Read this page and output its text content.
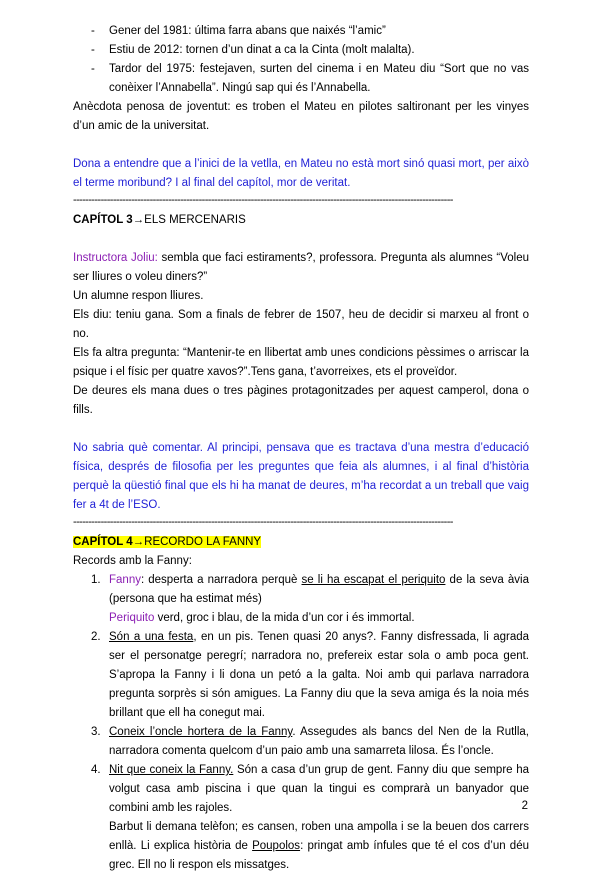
- Gener del 1981: última farra abans que naixés “l’amic”
- Estiu de 2012: tornen d’un dinat a ca la Cinta (molt malalta).
- Tardor del 1975: festejaven, surten del cinema i en Mateu diu “Sort que no vas conèixer l’Annabella”. Ningú sap qui és l’Annabella.

Anècdota penosa de joventut: es troben el Mateu en pilotes saltironant per les vinyes d’un amic de la universitat.

Dona a entendre que a l’inici de la vetlla, en Mateu no està mort sinó quasi mort, per això el terme moribund? I al final del capítol, mor de veritat.

----------------------------------------------------------------------------------------------------------------------------

CAPÍTOL 3→ELS MERCENARIS

Instructora Joliu: sembla que faci estiraments?, professora. Pregunta als alumnes “Voleu ser lliures o voleu diners?”

Un alumne respon lliures.

Els diu: teniu gana. Som a finals de febrer de 1507, heu de decidir si marxeu al front o no.

Els fa altra pregunta: “Mantenir-te en llibertat amb unes condicions pèssimes o arriscar la psique i el físic per quatre xavos?”.Tens gana, t’avorreixes, ets el proveïdor.

De deures els mana dues o tres pàgines protagonitzades per aquest camperol, dona o fills.

No sabria què comentar. Al principi, pensava que es tractava d’una mestra d’educació física, després de filosofia per les preguntes que feia als alumnes, i al final d’història perquè la qüestió final que els hi ha manat de deures, m’ha recordat a un treball que vaig fer a 4t de l’ESO.

----------------------------------------------------------------------------------------------------------------------------

CAPÍTOL 4→RECORDO LA FANNY

Records amb la Fanny:

1. Fanny: desperta a narradora perquè se li ha escapat el periquito de la seva àvia (persona que ha estimat més)
Periquito verd, groc i blau, de la mida d’un cor i és immortal.
2. Són a una festa, en un pis. Tenen quasi 20 anys?. Fanny disfressada, li agrada ser el personatge peregrí; narradora no, prefereix estar sola o amb poca gent. S’apropa la Fanny i li dona un petó a la galta. Noi amb qui parlava narradora pregunta sorprès si són amigues. La Fanny diu que la seva amiga és la noia més brillant que ell ha conegut mai.
3. Coneix l’oncle hortera de la Fanny. Assegudes als bancs del Nen de la Rutlla, narradora comenta quelcom d’un paio amb una samarreta lilosa. És l’oncle.
4. Nit que coneix la Fanny. Són a casa d’un grup de gent. Fanny diu que sempre ha volgut casa amb piscina i que quan la tingui es comprarà un banyador que combini amb les rajoles.
Barbut li demana telèfon; es cansen, roben una ampolla i se la beuen dos carrers enllà. Li explica història de Poupolos: pringat amb ínfules que té el cos d’un déu grec. Ell no li respon els missatges.
2
